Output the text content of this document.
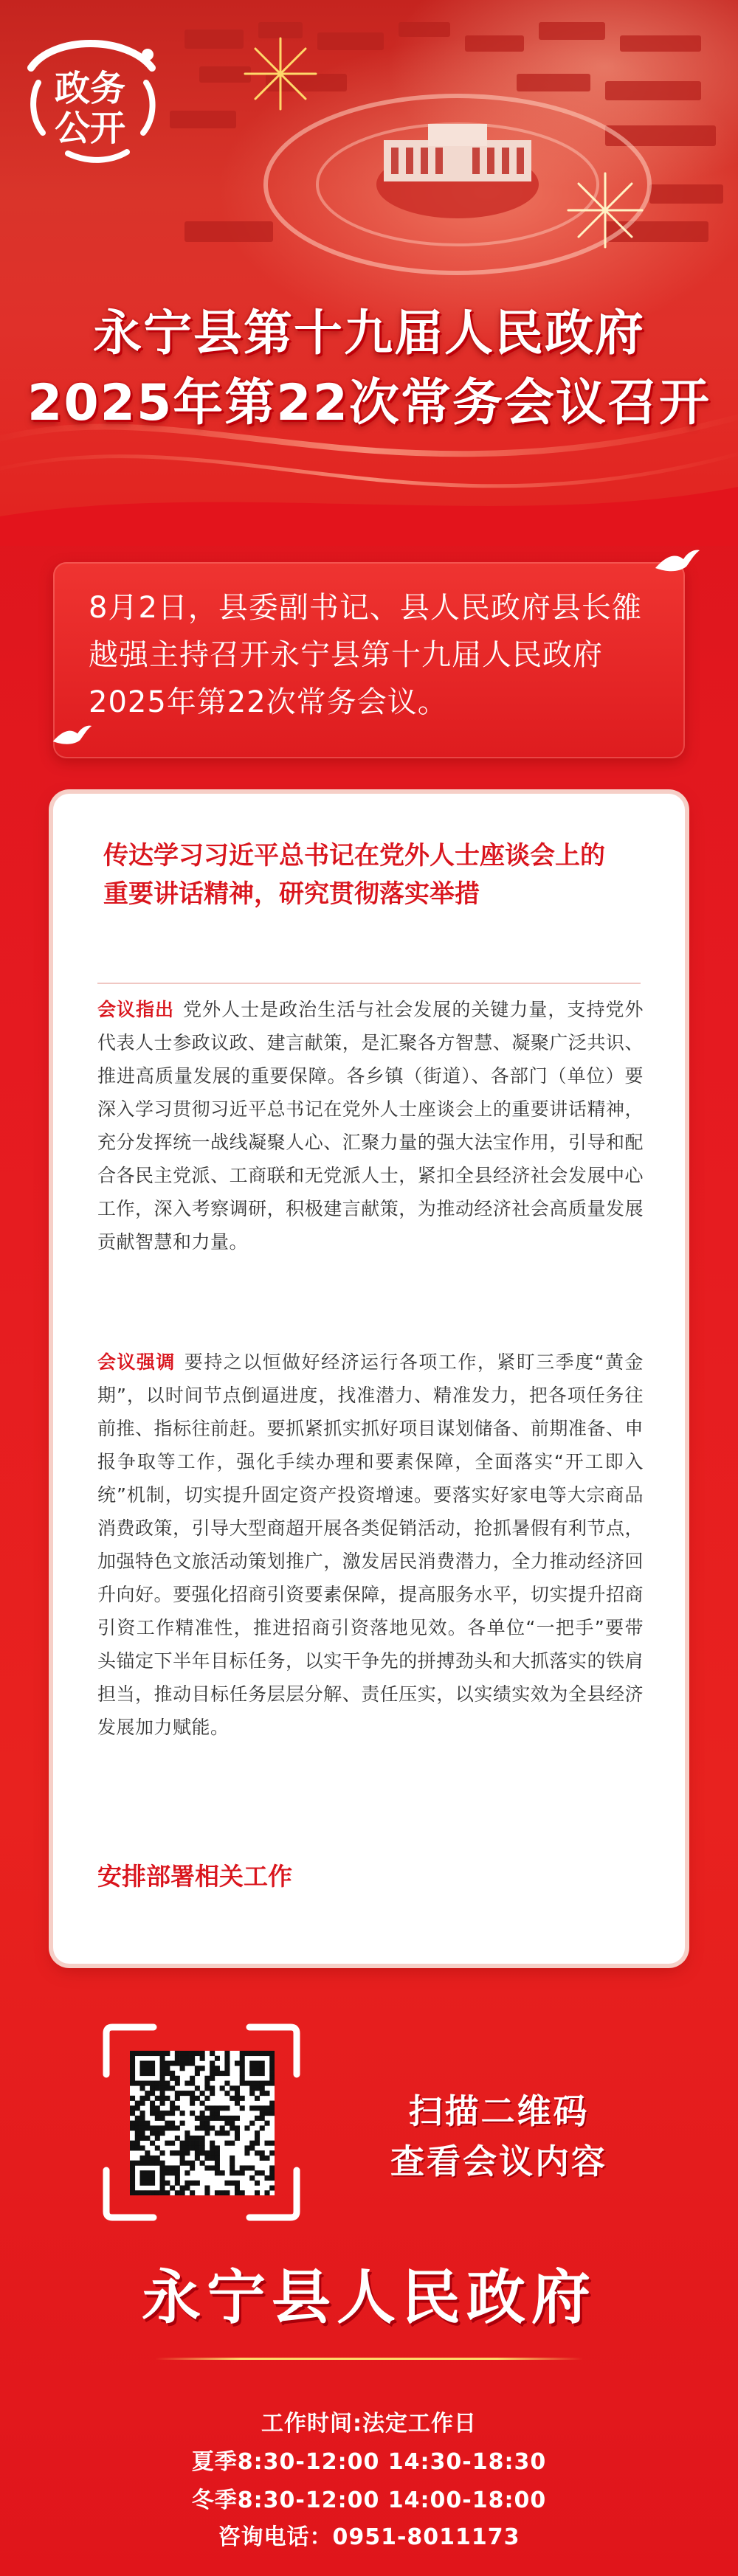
政务
公开
永宁县第十九届人民政府
2025年第22次常务会议召开
8月2日，县委副书记、县人民政府县长雒越强主持召开永宁县第十九届人民政府2025年第22次常务会议。
传达学习习近平总书记在党外人士座谈会上的重要讲话精神，研究贯彻落实举措
会议指出 党外人士是政治生活与社会发展的关键力量，支持党外代表人士参政议政、建言献策，是汇聚各方智慧、凝聚广泛共识、推进高质量发展的重要保障。各乡镇（街道）、各部门（单位）要深入学习贯彻习近平总书记在党外人士座谈会上的重要讲话精神，充分发挥统一战线凝聚人心、汇聚力量的强大法宝作用，引导和配合各民主党派、工商联和无党派人士，紧扣全县经济社会发展中心工作，深入考察调研，积极建言献策，为推动经济社会高质量发展贡献智慧和力量。
会议强调 要持之以恒做好经济运行各项工作，紧盯三季度“黄金期”，以时间节点倒逼进度，找准潜力、精准发力，把各项任务往前推、指标往前赶。要抓紧抓实抓好项目谋划储备、前期准备、申报争取等工作，强化手续办理和要素保障，全面落实“开工即入统”机制，切实提升固定资产投资增速。要落实好家电等大宗商品消费政策，引导大型商超开展各类促销活动，抢抓暑假有利节点，加强特色文旅活动策划推广，激发居民消费潜力，全力推动经济回升向好。要强化招商引资要素保障，提高服务水平，切实提升招商引资工作精准性，推进招商引资落地见效。各单位“一把手”要带头锚定下半年目标任务，以实干争先的拼搏劲头和大抓落实的铁肩担当，推动目标任务层层分解、责任压实，以实绩实效为全县经济发展加力赋能。
安排部署相关工作
扫描二维码
查看会议内容
永宁县人民政府
工作时间:法定工作日
夏季8:30-12:00 14:30-18:30
冬季8:30-12:00 14:00-18:00
咨询电话：0951-8011173
